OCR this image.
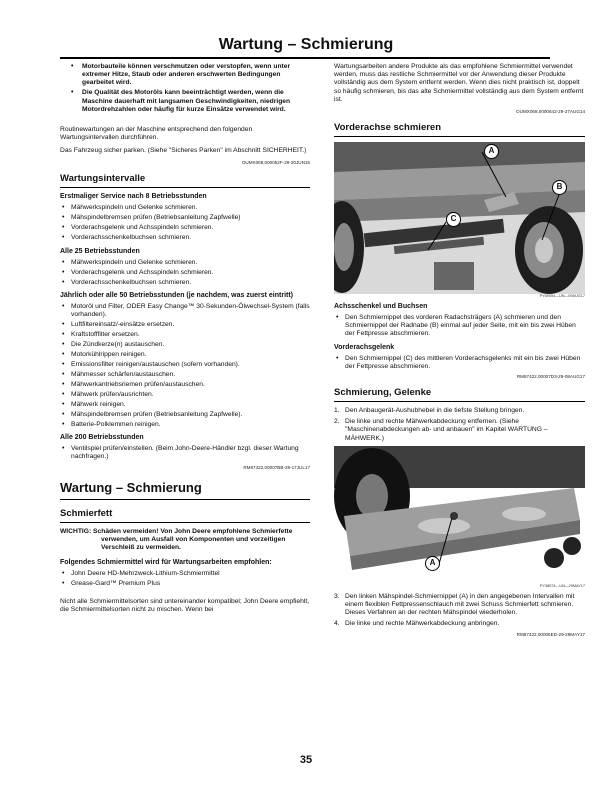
Wartung – Schmierung
• Motorbauteile können verschmutzen oder verstopfen, wenn unter extremer Hitze, Staub oder anderen erschwerten Bedingungen gearbeitet wird.
• Die Qualität des Motoröls kann beeinträchtigt werden, wenn die Maschine dauerhaft mit langsamen Geschwindigkeiten, niedrigen Motordrehzahlen oder häufig für kurze Einsätze verwendet wird.

Routinewartungen an der Maschine entsprechend den folgenden Wartungsintervallen durchführen.

Das Fahrzeug sicher parken. (Siehe "Sicheres Parken" im Abschnitt SICHERHEIT.)

OUMX068,000052F-29-20JUN15
Wartungsintervalle
Erstmaliger Service nach 8 Betriebsstunden
• Mähwerkspindeln und Gelenke schmieren.
• Mähspindelbremsen prüfen (Betriebsanleitung Zapfwelle)
• Vorderachsgelenk und Achsspindeln schmieren.
• Vorderachsschenkelbuchsen schmieren.
Alle 25 Betriebsstunden
• Mähwerkspindeln und Gelenke schmieren.
• Vorderachsgelenk und Achsspindeln schmieren.
• Vorderachsschenkelbuchsen schmieren.
Jährlich oder alle 50 Betriebsstunden (je nachdem, was zuerst eintritt)
• Motoröl und Filter, ODER Easy Change™ 30-Sekunden-Ölwechsel-System (falls vorhanden).
• Luftfiltereinsatz/-einsätze ersetzen.
• Kraftstofffilter ersetzen.
• Die Zündkerze(n) austauschen.
• Motorkühlrippen reinigen.
• Emissionsfilter reinigen/austauschen (sofern vorhanden).
• Mähmesser schärfen/austauschen.
• Mähwerkantriebsriemen prüfen/austauschen.
• Mähwerk prüfen/ausrichten.
• Mähwerk reinigen.
• Mähspindelbremsen prüfen (Betriebsanleitung Zapfwelle).
• Batterie-Polklemmen reinigen.
Alle 200 Betriebsstunden
• Ventilspiel prüfen/einstellen. (Beim John-Deere-Händler bzgl. dieser Wartung nachfragen.)
RM87422,00007BB-29-17JUL17
Wartung – Schmierung
Schmierfett
WICHTIG: Schäden vermeiden! Von John Deere empfohlene Schmierfette verwenden, um Ausfall von Komponenten und vorzeitigen Verschleiß zu vermeiden.
Folgendes Schmiermittel wird für Wartungsarbeiten empfohlen:
• John Deere HD-Mehrzweck-Lithium-Schmiermittel
• Grease-Gard™ Premium Plus

Nicht alle Schmiermittelsorten sind untereinander kompatibel; John Deere empfiehlt, die Schmiermittelsorten nicht zu mischen. Wenn bei

Wartungsarbeiten andere Produkte als das empfohlene Schmiermittel verwendet werden, muss das restliche Schmiermittel vor der Anwendung dieser Produkte vollständig aus dem System entfernt werden. Wenn dies nicht praktisch ist, doppelt so häufig schmieren, bis das alte Schmiermittel vollständig aus dem System entfernt ist.

OUMX068,0000642-29-27AUG14
Vorderachse schmieren
A
B
C
PY69054—UN—09AUG17
Achsschenkel und Buchsen
• Den Schmiernippel des vorderen Radachsträgers (A) schmieren und den Schmiernippel der Radnabe (B) einmal auf jeder Seite, mit ein bis zwei Hüben der Fettpresse abschmieren.
Vorderachsgelenk
• Den Schmiernippel (C) des mittleren Vorderachsgelenks mit ein bis zwei Hüben der Fettpresse abschmieren.
RM87422,00007D3-29-08AUG17
Schmierung, Gelenke
1. Den Anbaugerät-Aushubhebel in die tiefste Stellung bringen.
2. Die linke und rechte Mähwerkabdeckung entfernen. (Siehe "Maschinenabdeckungen ab- und anbauen" im Kapitel WARTUNG – MÄHWERK.)
A
PY38574—UN—29MAY17
3. Den linken Mähspindel-Schmiernippel (A) in den angegebenen Intervallen mit einem flexiblen Fettpressenschlauch mit zwei Schuss Schmierfett schmieren. Dieses Verfahren an der rechten Mähspindel wiederholen.
4. Die linke und rechte Mähwerkabdeckung anbringen.
RM87422,00006ED-29-29MAY17
35
